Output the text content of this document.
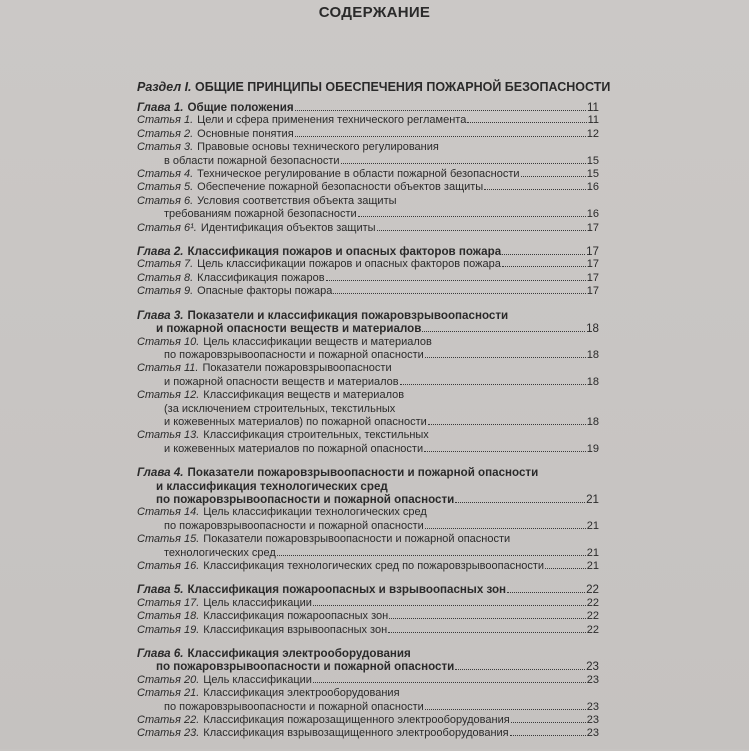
СОДЕРЖАНИЕ
Раздел I. ОБЩИЕ ПРИНЦИПЫ ОБЕСПЕЧЕНИЯ ПОЖАРНОЙ БЕЗОПАСНОСТИ
Глава 1. Общие положения	11
Статья 1. Цели и сфера применения технического регламента	11
Статья 2. Основные понятия	12
Статья 3. Правовые основы технического регулирования
в области пожарной безопасности	15
Статья 4. Техническое регулирование в области пожарной безопасности	15
Статья 5. Обеспечение пожарной безопасности объектов защиты	16
Статья 6. Условия соответствия объекта защиты
требованиям пожарной безопасности	16
Статья 6¹. Идентификация объектов защиты	17
Глава 2. Классификация пожаров и опасных факторов пожара	17
Статья 7. Цель классификации пожаров и опасных факторов пожара	17
Статья 8. Классификация пожаров	17
Статья 9. Опасные факторы пожара	17
Глава 3. Показатели и классификация пожаровзрывоопасности
и пожарной опасности веществ и материалов	18
Статья 10. Цель классификации веществ и материалов
по пожаровзрывоопасности и пожарной опасности	18
Статья 11. Показатели пожаровзрывоопасности
и пожарной опасности веществ и материалов	18
Статья 12. Классификация веществ и материалов
(за исключением строительных, текстильных
и кожевенных материалов) по пожарной опасности	18
Статья 13. Классификация строительных, текстильных
и кожевенных материалов по пожарной опасности	19
Глава 4. Показатели пожаровзрывоопасности и пожарной опасности
и классификация технологических сред
по пожаровзрывоопасности и пожарной опасности	21
Статья 14. Цель классификации технологических сред
по пожаровзрывоопасности и пожарной опасности	21
Статья 15. Показатели пожаровзрывоопасности и пожарной опасности
технологических сред	21
Статья 16. Классификация технологических сред по пожаровзрывоопасности	21
Глава 5. Классификация пожароопасных и взрывоопасных зон	22
Статья 17. Цель классификации	22
Статья 18. Классификация пожароопасных зон	22
Статья 19. Классификация взрывоопасных зон	22
Глава 6. Классификация электрооборудования
по пожаровзрывоопасности и пожарной опасности	23
Статья 20. Цель классификации	23
Статья 21. Классификация электрооборудования
по пожаровзрывоопасности и пожарной опасности	23
Статья 22. Классификация пожарозащищенного электрооборудования	23
Статья 23. Классификация взрывозащищенного электрооборудования	23
